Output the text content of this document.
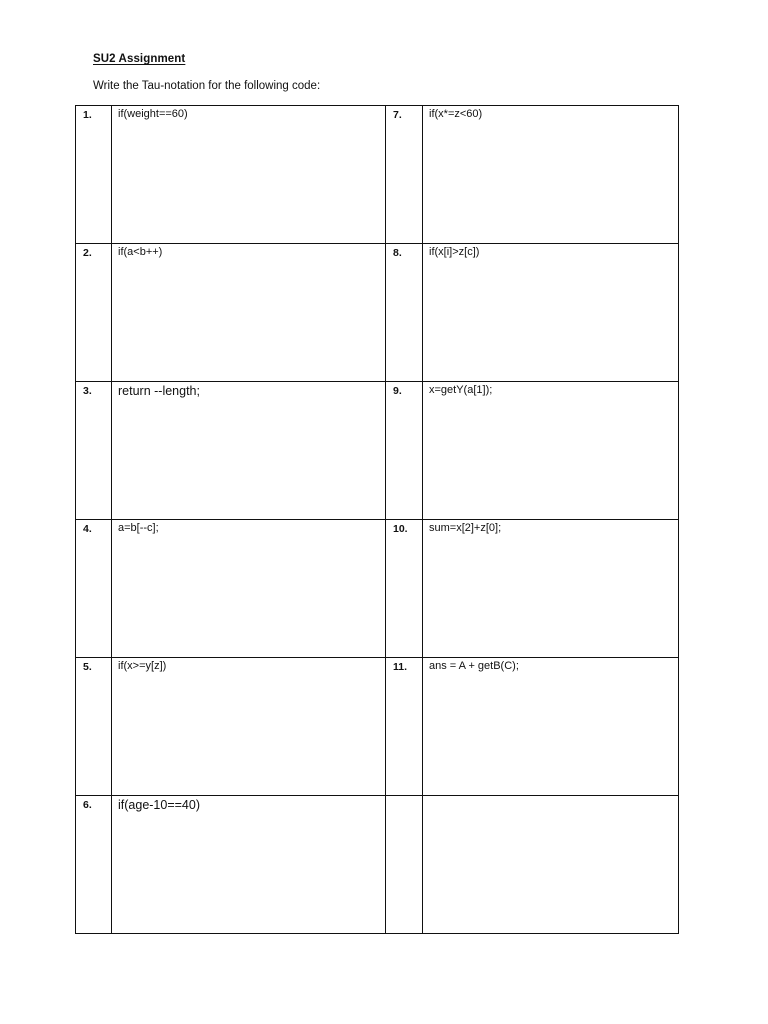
SU2 Assignment
Write the Tau-notation for the following code:
1.	if(weight==60)	7.	if(x*=z<60)

2.	if(a<b++)	8.	if(x[i]>z[c])

3.	return --length;	9.	x=getY(a[1]);

4.	a=b[--c];	10.	sum=x[2]+z[0];

5.	if(x>=y[z])	11.	ans = A + getB(C);

6.	if(age-10==40)		
